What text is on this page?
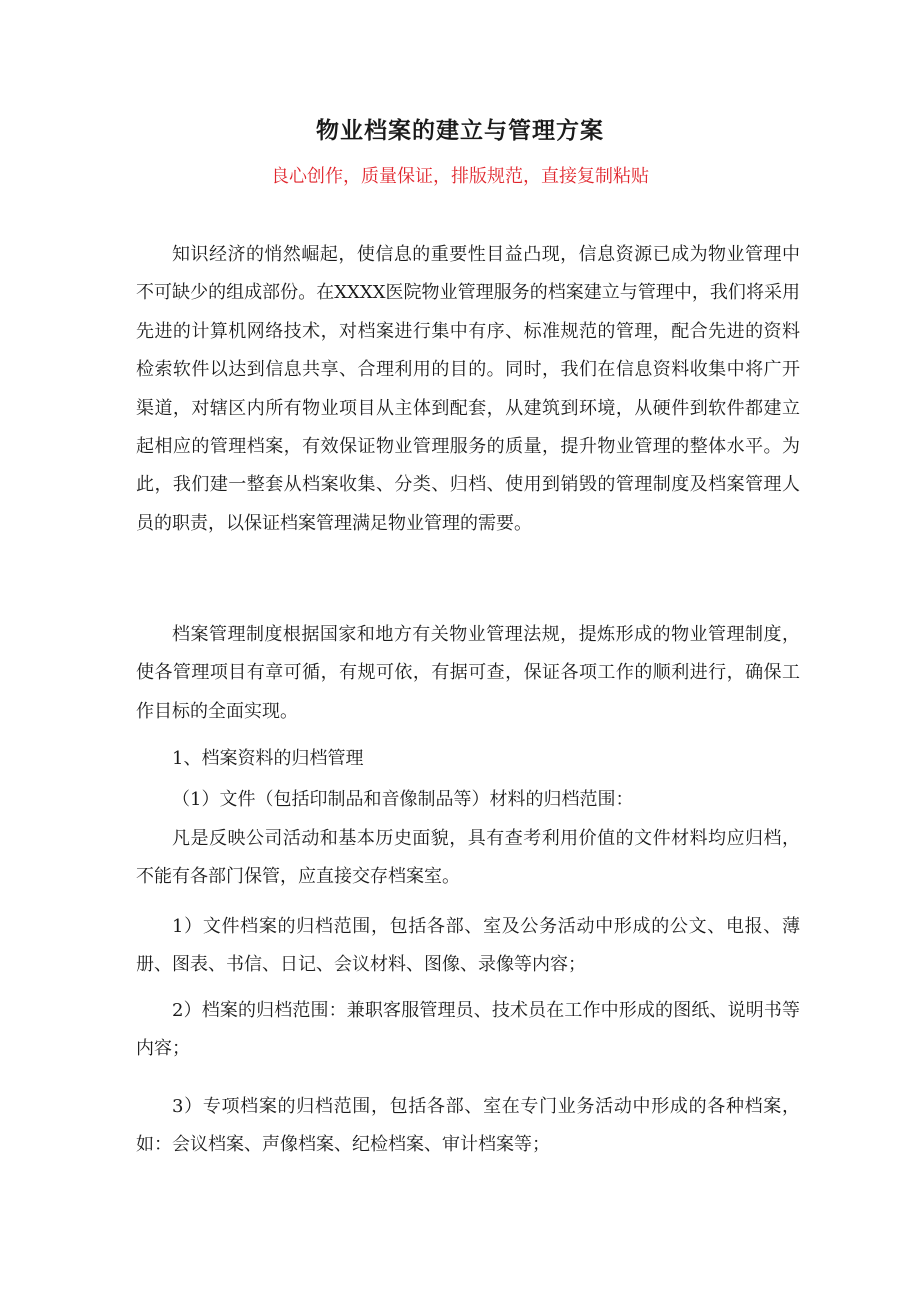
物业档案的建立与管理方案

良心创作，质量保证，排版规范，直接复制粘贴

知识经济的悄然崛起，使信息的重要性目益凸现，信息资源已成为物业管理中不可缺少的组成部份。在XXXX医院物业管理服务的档案建立与管理中，我们将采用先进的计算机网络技术，对档案进行集中有序、标准规范的管理，配合先进的资料检索软件以达到信息共享、合理利用的目的。同时，我们在信息资料收集中将广开渠道，对辖区内所有物业项目从主体到配套，从建筑到环境，从硬件到软件都建立起相应的管理档案，有效保证物业管理服务的质量，提升物业管理的整体水平。为此，我们建一整套从档案收集、分类、归档、使用到销毁的管理制度及档案管理人员的职责，以保证档案管理满足物业管理的需要。

档案管理制度根据国家和地方有关物业管理法规，提炼形成的物业管理制度，使各管理项目有章可循，有规可依，有据可查，保证各项工作的顺利进行，确保工作目标的全面实现。

1、档案资料的归档管理

（1）文件（包括印制品和音像制品等）材料的归档范围：

凡是反映公司活动和基本历史面貌，具有查考利用价值的文件材料均应归档，不能有各部门保管，应直接交存档案室。

1）文件档案的归档范围，包括各部、室及公务活动中形成的公文、电报、薄册、图表、书信、日记、会议材料、图像、录像等内容；

2）档案的归档范围：兼职客服管理员、技术员在工作中形成的图纸、说明书等内容；

3）专项档案的归档范围，包括各部、室在专门业务活动中形成的各种档案，如：会议档案、声像档案、纪检档案、审计档案等；
